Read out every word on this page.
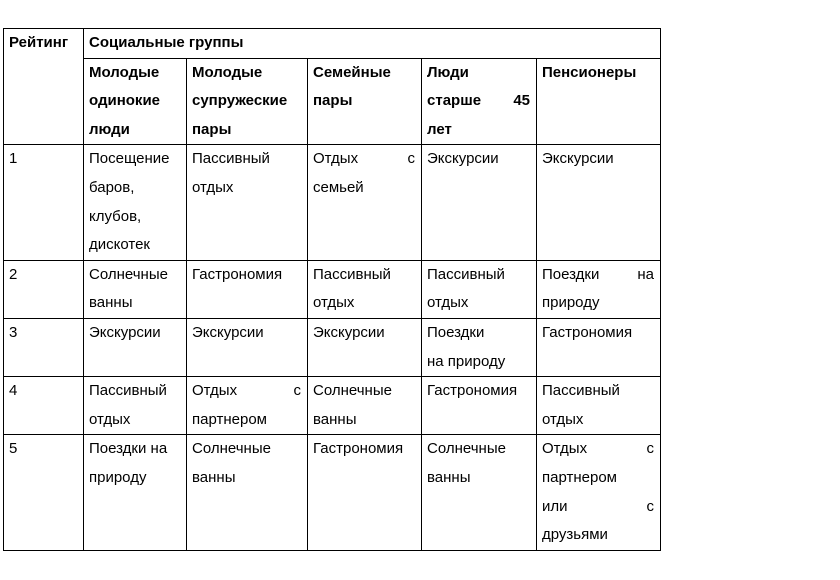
Рейтинг	Социальные группы				

	Молодые
одинокие
люди	Молодые
супружеские
пары	Семейные
пары	Люди
старше 45
лет	Пенсионеры

1	Посещение
баров,
клубов,
дискотек	Пассивный
отдых	Отдых с
семьей	Экскурсии	Экскурсии

2	Солнечные
ванны	Гастрономия	Пассивный
отдых	Пассивный
отдых	Поездки на
природу

3	Экскурсии	Экскурсии	Экскурсии	Поездки
на природу	Гастрономия

4	Пассивный
отдых	Отдых с
партнером	Солнечные
ванны	Гастрономия	Пассивный
отдых

5	Поездки на
природу	Солнечные
ванны	Гастрономия	Солнечные
ванны	Отдых с
партнером
или с
друзьями
